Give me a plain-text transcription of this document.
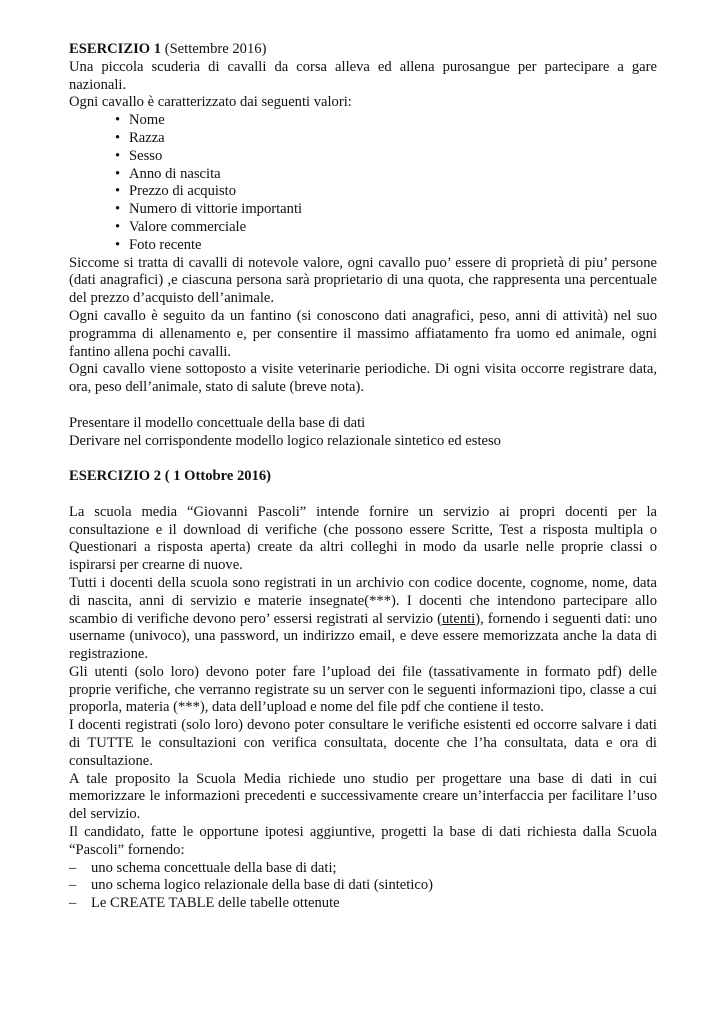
ESERCIZIO 1 (Settembre 2016)
Una piccola scuderia di cavalli da corsa alleva ed allena purosangue per partecipare a gare
nazionali.
Ogni cavallo è caratterizzato dai seguenti valori:
• Nome
• Razza
• Sesso
• Anno di nascita
• Prezzo di acquisto
• Numero di vittorie importanti
• Valore commerciale
• Foto recente
Siccome si tratta di cavalli di notevole valore, ogni cavallo puo’ essere di proprietà di piu’ persone
(dati anagrafici) ,e ciascuna persona sarà proprietario di una quota, che rappresenta una percentuale
del prezzo d’acquisto dell’animale.
Ogni cavallo è seguito da un fantino (si conoscono dati anagrafici, peso, anni di attività) nel suo
programma di allenamento e, per consentire il massimo affiatamento fra uomo ed animale, ogni
fantino allena pochi cavalli.
Ogni cavallo viene sottoposto a visite veterinarie periodiche. Di ogni visita occorre registrare data,
ora, peso dell’animale, stato di salute (breve nota).
Presentare il modello concettuale della base di dati
Derivare nel corrispondente modello logico relazionale sintetico ed esteso
ESERCIZIO 2 ( 1 Ottobre 2016)
La scuola media “Giovanni Pascoli” intende fornire un servizio ai propri docenti per la
consultazione e il download di verifiche (che possono essere Scritte, Test a risposta multipla o
Questionari a risposta aperta) create da altri colleghi in modo da usarle nelle proprie classi o
ispirarsi per crearne di nuove.
Tutti i docenti della scuola sono registrati in un archivio con codice docente, cognome, nome, data
di nascita, anni di servizio e materie insegnate(***). I docenti che intendono partecipare allo
scambio di verifiche devono pero’ essersi registrati al servizio (utenti), fornendo i seguenti dati: uno
username (univoco), una password, un indirizzo email, e deve essere memorizzata anche la data di
registrazione.
Gli utenti (solo loro) devono poter fare l’upload dei file (tassativamente in formato pdf) delle
proprie verifiche, che verranno registrate su un server con le seguenti informazioni tipo, classe a cui
proporla, materia (***), data dell’upload e nome del file pdf che contiene il testo.
I docenti registrati (solo loro) devono poter consultare le verifiche esistenti ed occorre salvare i dati
di TUTTE le consultazioni con verifica consultata, docente che l’ha consultata, data e ora di
consultazione.
A tale proposito la Scuola Media richiede uno studio per progettare una base di dati in cui
memorizzare le informazioni precedenti e successivamente creare un’interfaccia per facilitare l’uso
del servizio.
Il candidato, fatte le opportune ipotesi aggiuntive, progetti la base di dati richiesta dalla Scuola
“Pascoli” fornendo:
– uno schema concettuale della base di dati;
– uno schema logico relazionale della base di dati (sintetico)
– Le CREATE TABLE delle tabelle ottenute
